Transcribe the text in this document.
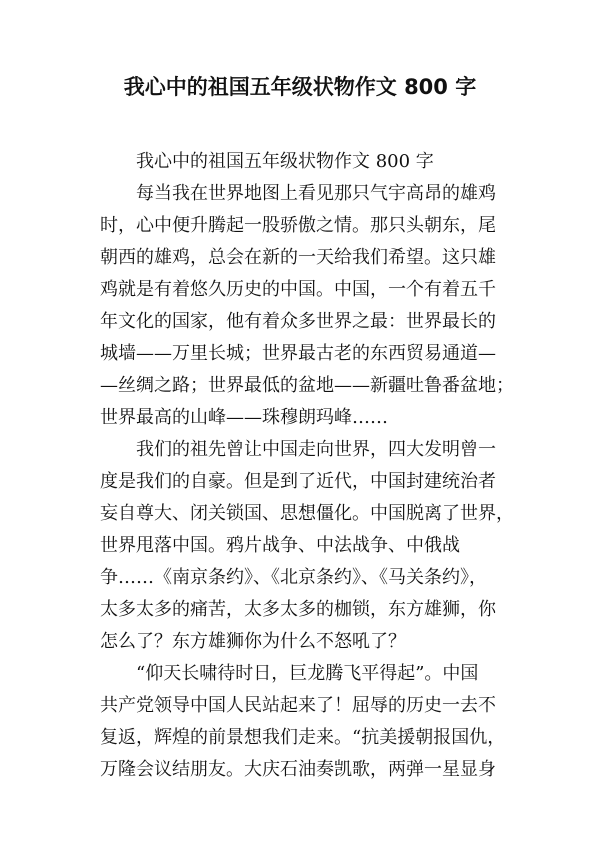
我心中的祖国五年级状物作文 800 字
我心中的祖国五年级状物作文 800 字
每当我在世界地图上看见那只气宇高昂的雄鸡
时，心中便升腾起一股骄傲之情。那只头朝东，尾
朝西的雄鸡，总会在新的一天给我们希望。这只雄
鸡就是有着悠久历史的中国。中国，一个有着五千
年文化的国家，他有着众多世界之最：世界最长的
城墙——万里长城；世界最古老的东西贸易通道—
—丝绸之路；世界最低的盆地——新疆吐鲁番盆地；
世界最高的山峰——珠穆朗玛峰……
我们的祖先曾让中国走向世界，四大发明曾一
度是我们的自豪。但是到了近代，中国封建统治者
妄自尊大、闭关锁国、思想僵化。中国脱离了世界，
世界甩落中国。鸦片战争、中法战争、中俄战
争……《南京条约》、《北京条约》、《马关条约》，
太多太多的痛苦，太多太多的枷锁，东方雄狮，你
怎么了？东方雄狮你为什么不怒吼了？
“仰天长啸待时日，巨龙腾飞平得起”。中国
共产党领导中国人民站起来了！屈辱的历史一去不
复返，辉煌的前景想我们走来。“抗美援朝报国仇，
万隆会议结朋友。大庆石油奏凯歌，两弹一星显身
